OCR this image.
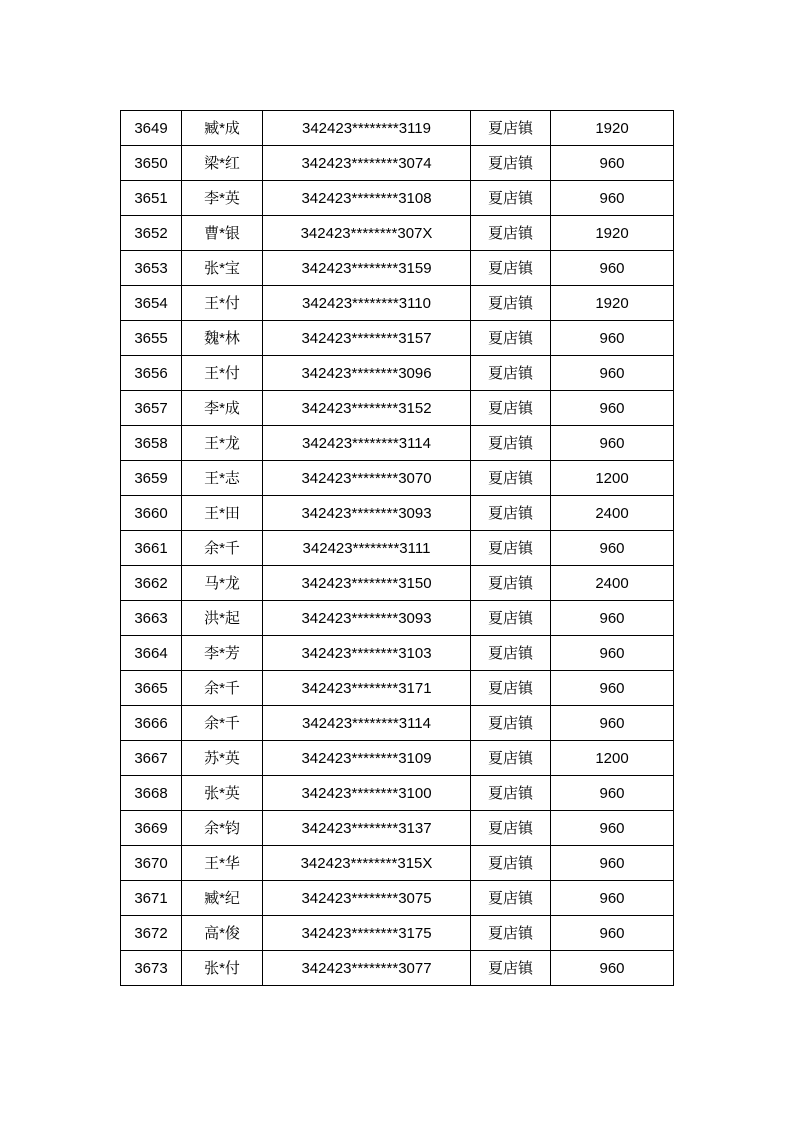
3649	臧*成	342423********3119	夏店镇	1920
3650	梁*红	342423********3074	夏店镇	960
3651	李*英	342423********3108	夏店镇	960
3652	曹*银	342423********307X	夏店镇	1920
3653	张*宝	342423********3159	夏店镇	960
3654	王*付	342423********3110	夏店镇	1920
3655	魏*林	342423********3157	夏店镇	960
3656	王*付	342423********3096	夏店镇	960
3657	李*成	342423********3152	夏店镇	960
3658	王*龙	342423********3114	夏店镇	960
3659	王*志	342423********3070	夏店镇	1200
3660	王*田	342423********3093	夏店镇	2400
3661	余*千	342423********3111	夏店镇	960
3662	马*龙	342423********3150	夏店镇	2400
3663	洪*起	342423********3093	夏店镇	960
3664	李*芳	342423********3103	夏店镇	960
3665	余*千	342423********3171	夏店镇	960
3666	余*千	342423********3114	夏店镇	960
3667	苏*英	342423********3109	夏店镇	1200
3668	张*英	342423********3100	夏店镇	960
3669	余*钧	342423********3137	夏店镇	960
3670	王*华	342423********315X	夏店镇	960
3671	臧*纪	342423********3075	夏店镇	960
3672	高*俊	342423********3175	夏店镇	960
3673	张*付	342423********3077	夏店镇	960
